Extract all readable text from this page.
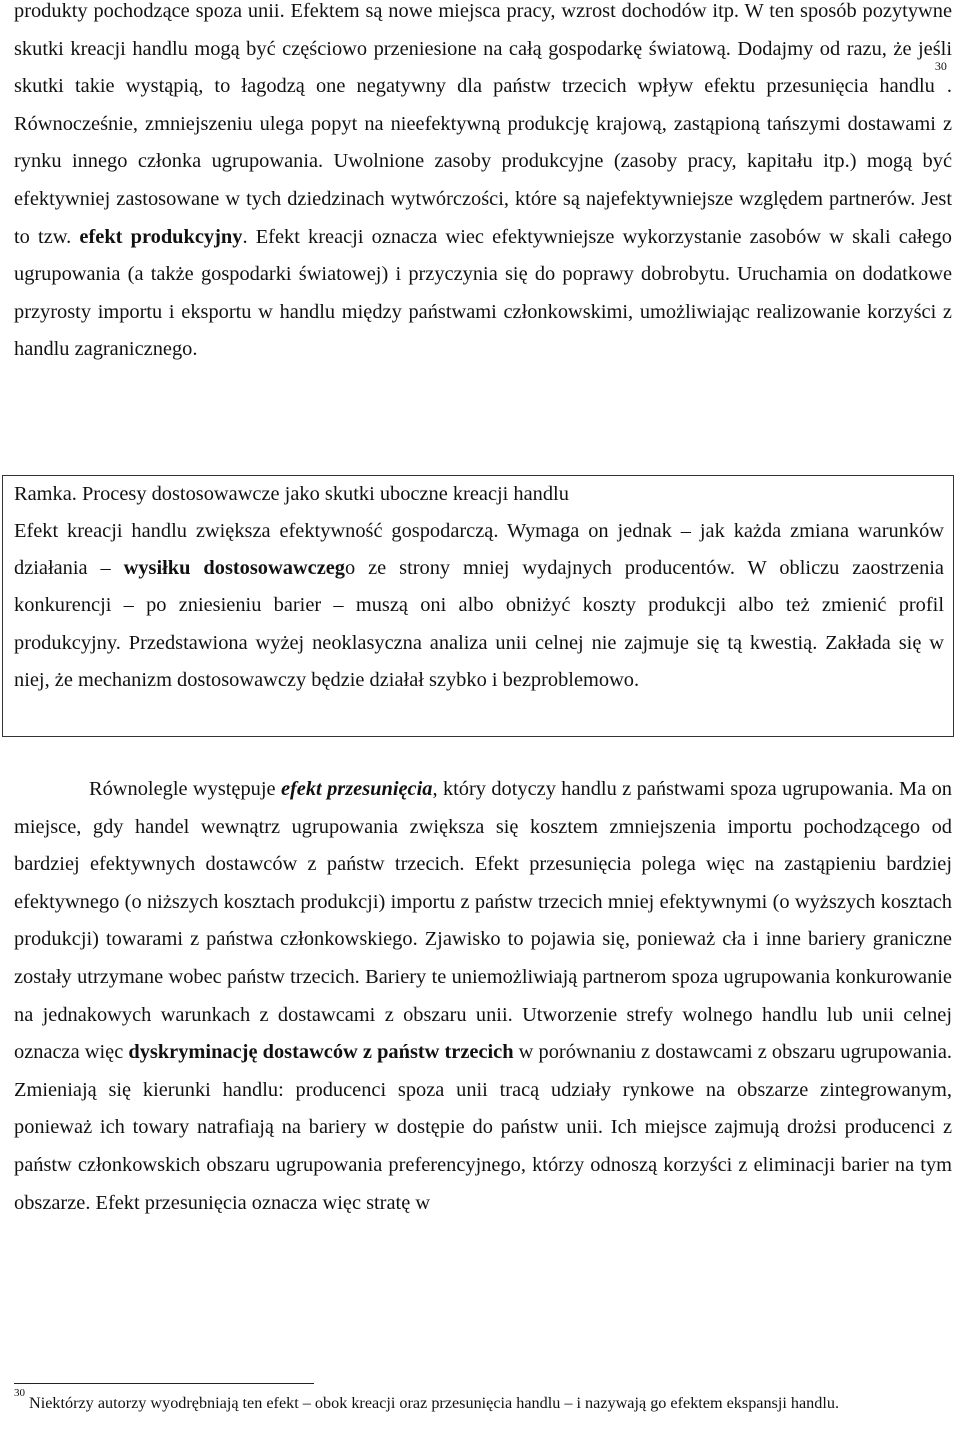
produkty pochodzące spoza unii. Efektem są nowe miejsca pracy, wzrost dochodów itp. W ten sposób pozytywne skutki kreacji handlu mogą być częściowo przeniesione na całą gospodarkę światową. Dodajmy od razu, że jeśli skutki takie wystąpią, to łagodzą one negatywny dla państw trzecich wpływ efektu przesunięcia handlu$^{30}$. Równocześnie, zmniejszeniu ulega popyt na nieefektywną produkcję krajową, zastąpioną tańszymi dostawami z rynku innego członka ugrupowania. Uwolnione zasoby produkcyjne (zasoby pracy, kapitału itp.) mogą być efektywniej zastosowane w tych dziedzinach wytwórczości, które są najefektywniejsze względem partnerów. Jest to tzw. efekt produkcyjny. Efekt kreacji oznacza wiec efektywniejsze wykorzystanie zasobów w skali całego ugrupowania (a także gospodarki światowej) i przyczynia się do poprawy dobrobytu. Uruchamia on dodatkowe przyrosty importu i eksportu w handlu między państwami członkowskimi, umożliwiając realizowanie korzyści z handlu zagranicznego.

Ramka. Procesy dostosowawcze jako skutki uboczne kreacji handlu

Efekt kreacji handlu zwiększa efektywność gospodarczą. Wymaga on jednak – jak każda zmiana warunków działania – wysiłku dostosowawczego ze strony mniej wydajnych producentów. W obliczu zaostrzenia konkurencji – po zniesieniu barier – muszą oni albo obniżyć koszty produkcji albo też zmienić profil produkcyjny. Przedstawiona wyżej neoklasyczna analiza unii celnej nie zajmuje się tą kwestią. Zakłada się w niej, że mechanizm dostosowawczy będzie działał szybko i bezproblemowo.

Równolegle występuje efekt przesunięcia, który dotyczy handlu z państwami spoza ugrupowania. Ma on miejsce, gdy handel wewnątrz ugrupowania zwiększa się kosztem zmniejszenia importu pochodzącego od bardziej efektywnych dostawców z państw trzecich. Efekt przesunięcia polega więc na zastąpieniu bardziej efektywnego (o niższych kosztach produkcji) importu z państw trzecich mniej efektywnymi (o wyższych kosztach produkcji) towarami z państwa członkowskiego. Zjawisko to pojawia się, ponieważ cła i inne bariery graniczne zostały utrzymane wobec państw trzecich. Bariery te uniemożliwiają partnerom spoza ugrupowania konkurowanie na jednakowych warunkach z dostawcami z obszaru unii. Utworzenie strefy wolnego handlu lub unii celnej oznacza więc dyskryminację dostawców z państw trzecich w porównaniu z dostawcami z obszaru ugrupowania. Zmieniają się kierunki handlu: producenci spoza unii tracą udziały rynkowe na obszarze zintegrowanym, ponieważ ich towary natrafiają na bariery w dostępie do państw unii. Ich miejsce zajmują drożsi producenci z państw członkowskich obszaru ugrupowania preferencyjnego, którzy odnoszą korzyści z eliminacji barier na tym obszarze. Efekt przesunięcia oznacza więc stratę w

$^{30}$ Niektórzy autorzy wyodrębniają ten efekt – obok kreacji oraz przesunięcia handlu – i nazywają go efektem ekspansji handlu.
